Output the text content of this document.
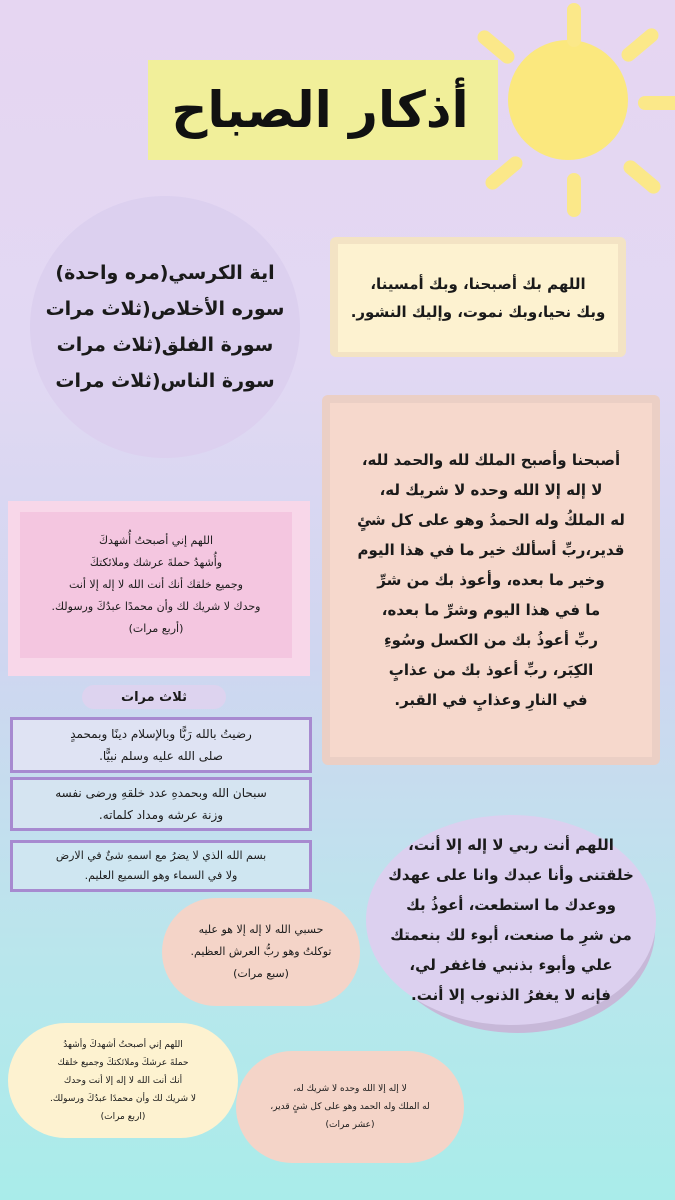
أذكار الصباح
اية الكرسي(مره واحدة)
سوره الأخلاص(ثلاث مرات
سورة الفلق(ثلاث مرات
سورة الناس(ثلاث مرات
اللهم بك أصبحنا، وبك أمسينا،
وبك نحيا،وبك نموت، وإليك النشور.
أصبحنا وأصبح الملك لله والحمد لله،
لا إله إلا الله وحده لا شريك له،
له الملكُ وله الحمدُ وهو على كل شئٍ
قدير،ربِّ أسألك خير ما في هذا اليوم
وخير ما بعده، وأعوذ بك من شرِّ
ما في هذا اليوم وشرِّ ما بعده،
ربِّ أعوذُ بك من الكسل وسُوءِ
الكِبَر، ربِّ أعوذ بك من عذابٍ
في النارِ وعذابٍ في القبر.
اللهم إني أصبحتُ أُشهدكَ
وأُشهدُ حملةَ عرشك وملائكتكَ
وجميع خلقك أنك أنت الله لا إله إلا أنت
وحدك لا شريك لك وأن محمدًا عبدُكَ ورسولك.
(أربع مرات)
ثلاث مرات
رضيتُ بالله رَبًّا وبالإسلام دينًا وبمحمدٍ
صلى الله عليه وسلم نبيًّا.
سبحان الله وبحمدهِ عدد خلقهِ ورضى نفسه
وزنة عرشه ومداد كلماته.
بسم الله الذي لا يضرُ مع اسمهِ شئٌ في الارض
ولا في السماء وهو السميع العليم.
اللهم أنت ربي لا إله إلا أنت،
خلقتنى وأنا عبدك وانا على عهدك
ووعدك ما استطعت، أعوذُ بك
من شرِ ما صنعت، أبوء لك بنعمتك
علي وأبوء بذنبي فاغفر لي،
فإنه لا يغفرُ الذنوب إلا أنت.
حسبي الله لا إله إلا هو عليه
توكلتُ وهو ربُّ العرش العظيم.
(سبع مرات)
اللهم إني أصبحتُ أشهدكَ وأشهدُ
حملةَ عرشكَ وملائكتكَ وجميع خلقك
أنك أنت الله لا إله إلا أنت وحدك
لا شريك لك وأن محمدًا عبدُكَ ورسولك.
(اربع مرات)
لا إله إلا الله وحده لا شريك له،
له الملك وله الحمد وهو على كل شئٍ قدير،
(عشر مرات)
